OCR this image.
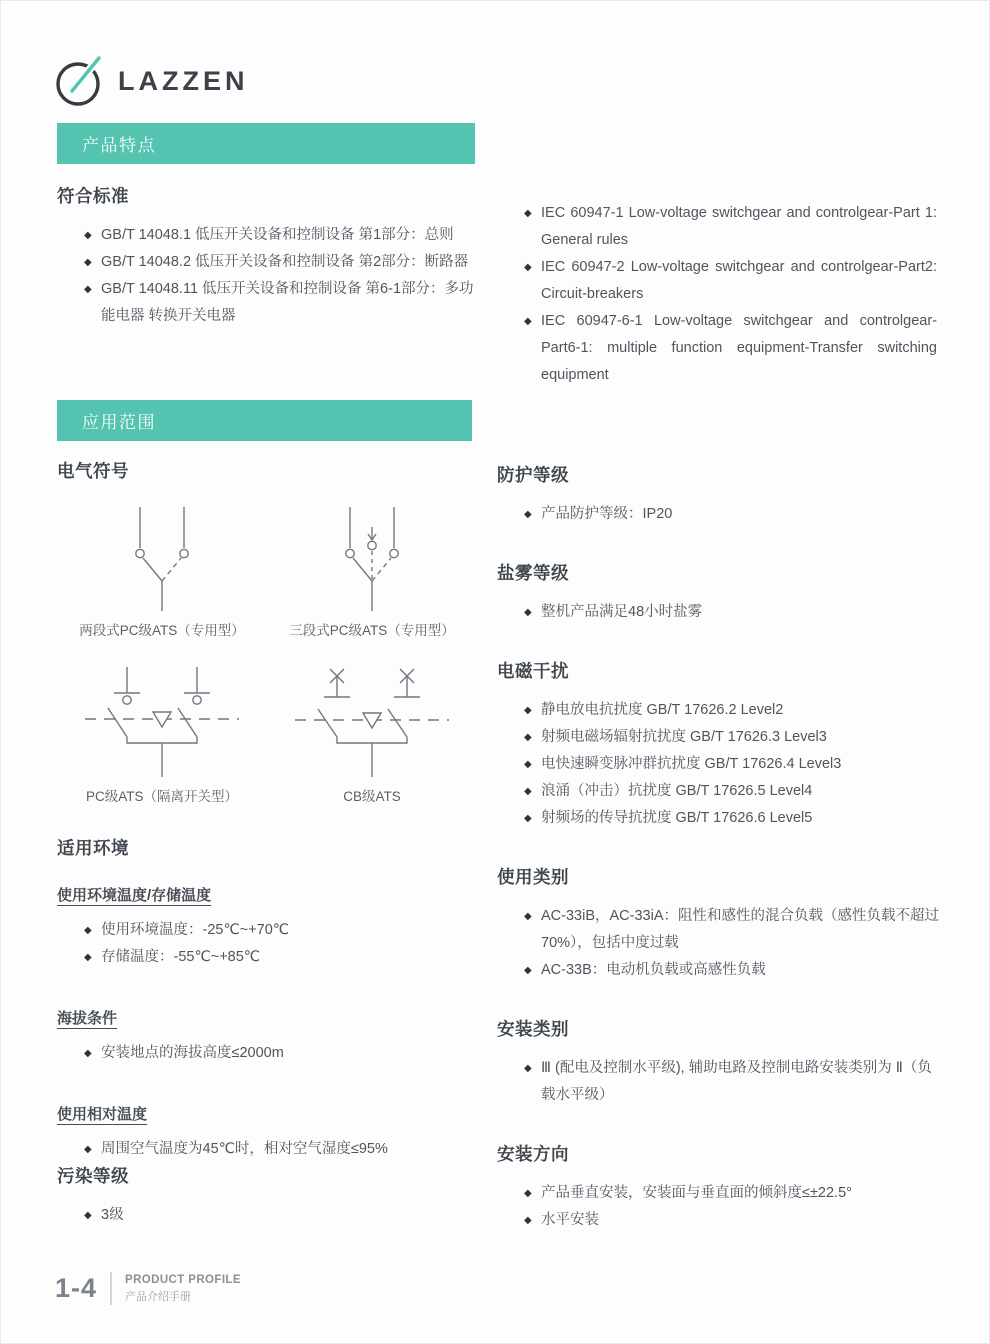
LAZZEN
产品特点
符合标准
◆
GB/T 14048.1 低压开关设备和控制设备 第1部分：总则
◆
GB/T 14048.2 低压开关设备和控制设备 第2部分：断路器
◆
GB/T 14048.11 低压开关设备和控制设备 第6-1部分：多功能电器 转换开关电器
◆
IEC 60947-1 Low-voltage switchgear and controlgear-Part 1: General rules
◆
IEC 60947-2 Low-voltage switchgear and controlgear-Part2: Circuit-breakers
◆
IEC 60947-6-1 Low-voltage switchgear and controlgear-Part6-1: multiple function equipment-Transfer switching equipment
应用范围
电气符号
两段式PC级ATS（专用型）	三段式PC级ATS（专用型）
PC级ATS（隔离开关型）	CB级ATS
适用环境
使用环境温度/存储温度
◆
使用环境温度：-25℃~+70℃
◆
存储温度：-55℃~+85℃
海拔条件
◆
安装地点的海拔高度≤2000m
使用相对温度
◆
周围空气温度为45℃时，相对空气湿度≤95%
污染等级
◆
3级
防护等级
◆
产品防护等级：IP20
盐雾等级
◆
整机产品满足48小时盐雾
电磁干扰
◆
静电放电抗扰度 GB/T 17626.2 Level2
◆
射频电磁场辐射抗扰度 GB/T 17626.3 Level3
◆
电快速瞬变脉冲群抗扰度 GB/T 17626.4 Level3
◆
浪涌（冲击）抗扰度 GB/T 17626.5 Level4
◆
射频场的传导抗扰度 GB/T 17626.6 Level5
使用类别
◆
AC-33iB，AC-33iA：阻性和感性的混合负载（感性负载不超过70%），包括中度过载
◆
AC-33B：电动机负载或高感性负载
安装类别
◆
Ⅲ (配电及控制水平级), 辅助电路及控制电路安装类别为 Ⅱ（负载水平级）
安装方向
◆
产品垂直安装，安装面与垂直面的倾斜度≤±22.5°
◆
水平安装
1-4 PRODUCT PROFILE
产品介绍手册
